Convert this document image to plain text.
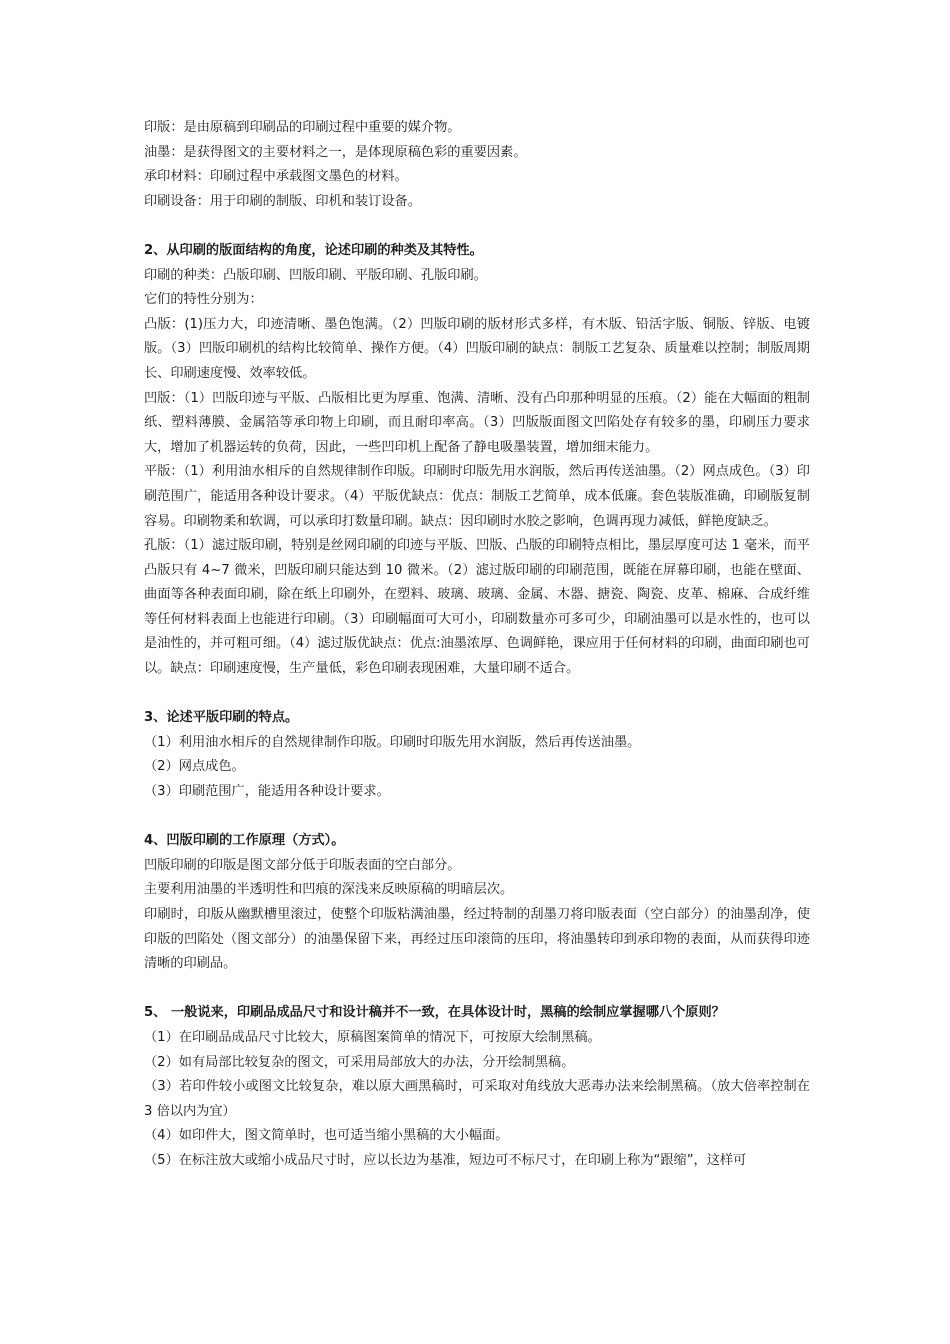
印版：是由原稿到印刷品的印刷过程中重要的媒介物。

油墨：是获得图文的主要材料之一，是体现原稿色彩的重要因素。

承印材料：印刷过程中承载图文墨色的材料。

印刷设备：用于印刷的制版、印机和装订设备。

2、从印刷的版面结构的角度，论述印刷的种类及其特性。

印刷的种类：凸版印刷、凹版印刷、平版印刷、孔版印刷。

它们的特性分别为：

凸版：(1)压力大，印迹清晰、墨色饱满。（2）凹版印刷的版材形式多样，有木版、铅活字版、铜版、锌版、电镀版。（3）凹版印刷机的结构比较简单、操作方便。（4）凹版印刷的缺点：制版工艺复杂、质量难以控制；制版周期长、印刷速度慢、效率较低。

凹版：（1）凹版印迹与平版、凸版相比更为厚重、饱满、清晰、没有凸印那种明显的压痕。（2）能在大幅面的粗制纸、塑料薄膜、金属箔等承印物上印刷，而且耐印率高。（3）凹版版面图文凹陷处存有较多的墨，印刷压力要求大，增加了机器运转的负荷，因此，一些凹印机上配备了静电吸墨装置，增加细末能力。

平版：（1）利用油水相斥的自然规律制作印版。印刷时印版先用水润版，然后再传送油墨。（2）网点成色。（3）印刷范围广，能适用各种设计要求。（4）平版优缺点：优点：制版工艺简单，成本低廉。套色装版准确，印刷版复制容易。印刷物柔和软调，可以承印打数量印刷。缺点：因印刷时水胶之影响，色调再现力减低，鲜艳度缺乏。

孔版：（1）滤过版印刷，特别是丝网印刷的印迹与平版、凹版、凸版的印刷特点相比，墨层厚度可达 1 毫米，而平凸版只有 4~7 微米，凹版印刷只能达到 10 微米。（2）滤过版印刷的印刷范围，既能在屏幕印刷，也能在壁面、曲面等各种表面印刷，除在纸上印刷外，在塑料、玻璃、玻璃、金属、木器、搪瓷、陶瓷、皮革、棉麻、合成纤维等任何材料表面上也能进行印刷。（3）印刷幅面可大可小，印刷数量亦可多可少，印刷油墨可以是水性的，也可以是油性的，并可粗可细。（4）滤过版优缺点：优点:油墨浓厚、色调鲜艳，课应用于任何材料的印刷，曲面印刷也可以。缺点：印刷速度慢，生产量低，彩色印刷表现困难，大量印刷不适合。

3、论述平版印刷的特点。

（1）利用油水相斥的自然规律制作印版。印刷时印版先用水润版，然后再传送油墨。

（2）网点成色。

（3）印刷范围广，能适用各种设计要求。

4、凹版印刷的工作原理（方式）。

凹版印刷的印版是图文部分低于印版表面的空白部分。

主要利用油墨的半透明性和凹痕的深浅来反映原稿的明暗层次。

印刷时，印版从幽默槽里滚过，使整个印版粘满油墨，经过特制的刮墨刀将印版表面（空白部分）的油墨刮净，使印版的凹陷处（图文部分）的油墨保留下来，再经过压印滚筒的压印，将油墨转印到承印物的表面，从而获得印迹清晰的印刷品。

5、 一般说来，印刷品成品尺寸和设计稿并不一致，在具体设计时，黑稿的绘制应掌握哪八个原则？

（1）在印刷品成品尺寸比较大，原稿图案简单的情况下，可按原大绘制黑稿。

（2）如有局部比较复杂的图文，可采用局部放大的办法，分开绘制黑稿。

（3）若印件较小或图文比较复杂，难以原大画黑稿时，可采取对角线放大恶毒办法来绘制黑稿。（放大倍率控制在 3 倍以内为宜）

（4）如印件大，图文简单时，也可适当缩小黑稿的大小幅面。

（5）在标注放大或缩小成品尺寸时，应以长边为基准，短边可不标尺寸，在印刷上称为“跟缩”，这样可
